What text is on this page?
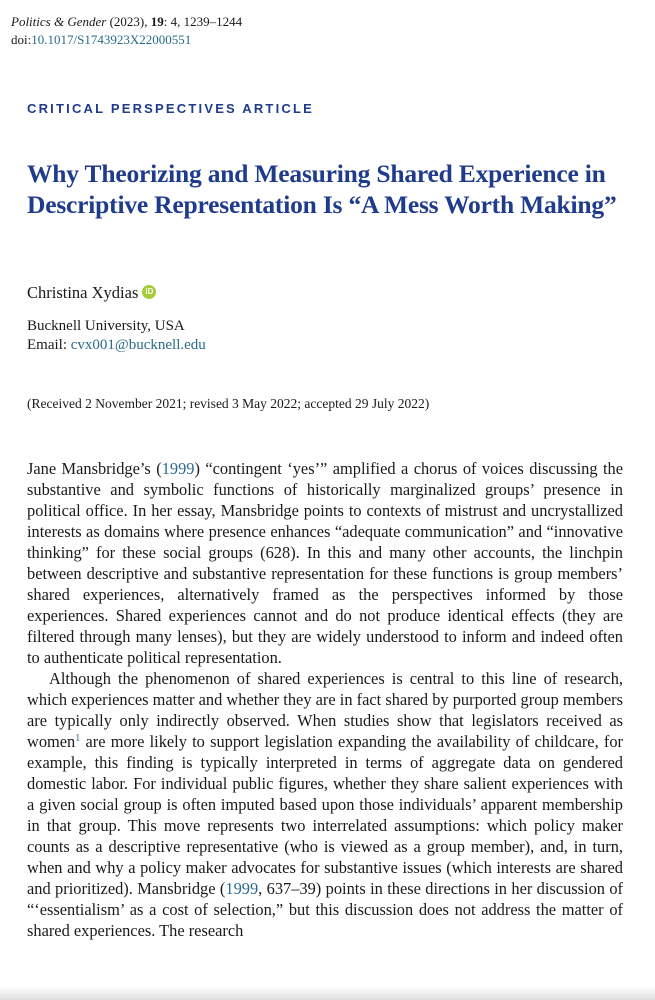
Politics & Gender (2023), 19: 4, 1239–1244
doi:10.1017/S1743923X22000551
CRITICAL PERSPECTIVES ARTICLE
Why Theorizing and Measuring Shared Experience in Descriptive Representation Is “A Mess Worth Making”
Christina Xydias iD
Bucknell University, USA
Email: cvx001@bucknell.edu
(Received 2 November 2021; revised 3 May 2022; accepted 29 July 2022)

Jane Mansbridge’s (1999) “contingent ‘yes’” amplified a chorus of voices discussing the substantive and symbolic functions of historically marginalized groups’ presence in political office. In her essay, Mansbridge points to contexts of mistrust and uncrystallized interests as domains where presence enhances “adequate communication” and “innovative thinking” for these social groups (628). In this and many other accounts, the linchpin between descriptive and substantive representation for these functions is group members’ shared experiences, alternatively framed as the perspectives informed by those experiences. Shared experiences cannot and do not produce identical effects (they are filtered through many lenses), but they are widely understood to inform and indeed often to authenticate political representation.

Although the phenomenon of shared experiences is central to this line of research, which experiences matter and whether they are in fact shared by purported group members are typically only indirectly observed. When studies show that legislators received as women$^1$ are more likely to support legislation expanding the availability of childcare, for example, this finding is typically interpreted in terms of aggregate data on gendered domestic labor. For individual public figures, whether they share salient experiences with a given social group is often imputed based upon those individuals’ apparent membership in that group. This move represents two interrelated assumptions: which policy maker counts as a descriptive representative (who is viewed as a group member), and, in turn, when and why a policy maker advocates for substantive issues (which interests are shared and prioritized). Mansbridge (1999, 637–39) points in these directions in her discussion of “‘essentialism’ as a cost of selection,” but this discussion does not address the matter of shared experiences. The research
